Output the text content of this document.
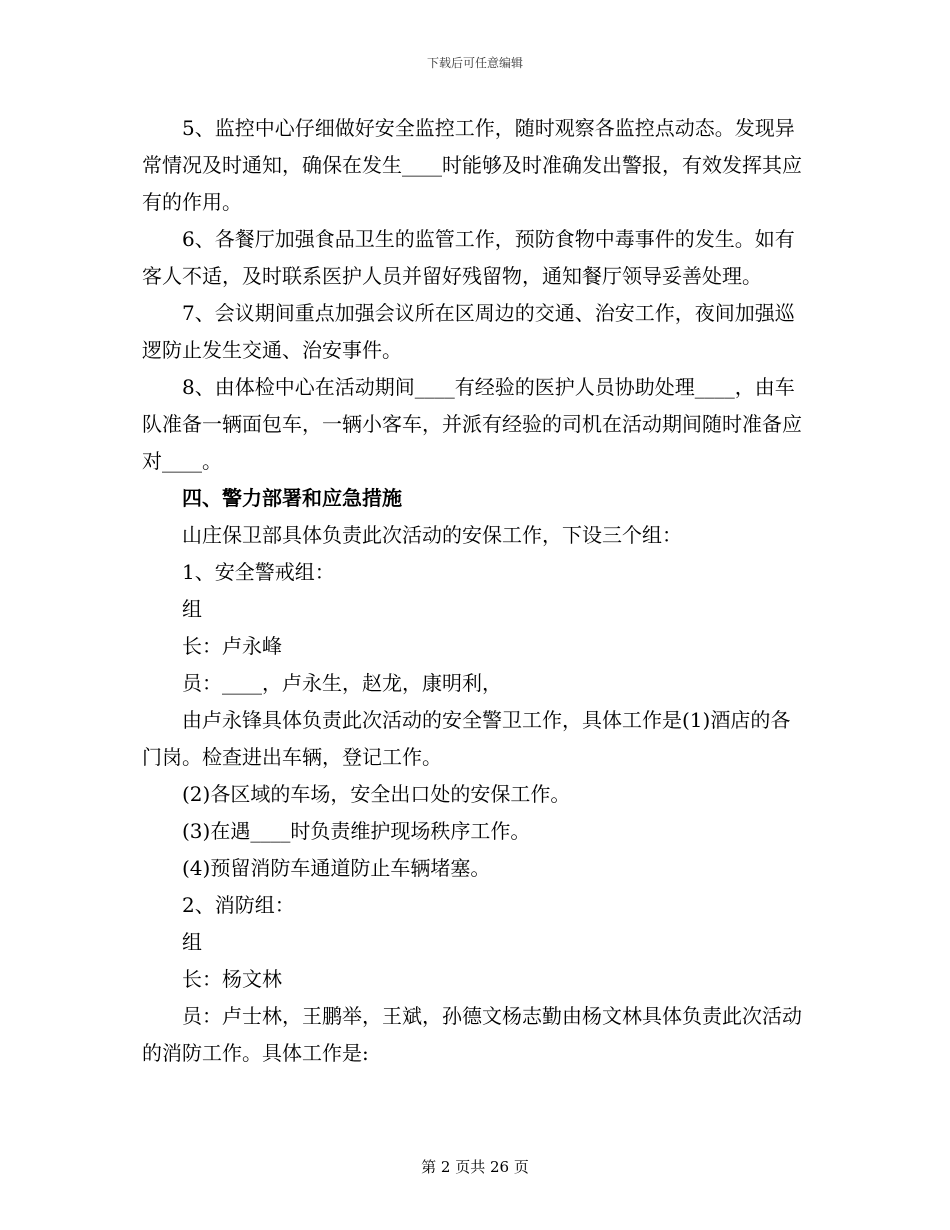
下载后可任意编辑

5、监控中心仔细做好安全监控工作，随时观察各监控点动态。发现异常情况及时通知，确保在发生____时能够及时准确发出警报，有效发挥其应有的作用。

6、各餐厅加强食品卫生的监管工作，预防食物中毒事件的发生。如有客人不适，及时联系医护人员并留好残留物，通知餐厅领导妥善处理。

7、会议期间重点加强会议所在区周边的交通、治安工作，夜间加强巡逻防止发生交通、治安事件。

8、由体检中心在活动期间____有经验的医护人员协助处理____，由车队准备一辆面包车，一辆小客车，并派有经验的司机在活动期间随时准备应对____。

四、警力部署和应急措施

山庄保卫部具体负责此次活动的安保工作，下设三个组：

1、安全警戒组：

组

长：卢永峰

员：____，卢永生，赵龙，康明利，

由卢永锋具体负责此次活动的安全警卫工作，具体工作是(1)酒店的各门岗。检查进出车辆，登记工作。

(2)各区域的车场，安全出口处的安保工作。

(3)在遇____时负责维护现场秩序工作。

(4)预留消防车通道防止车辆堵塞。

2、消防组：

组

长：杨文林

员：卢士林，王鹏举，王斌，孙德文杨志勤由杨文林具体负责此次活动的消防工作。具体工作是:

第 2 页共 26 页
